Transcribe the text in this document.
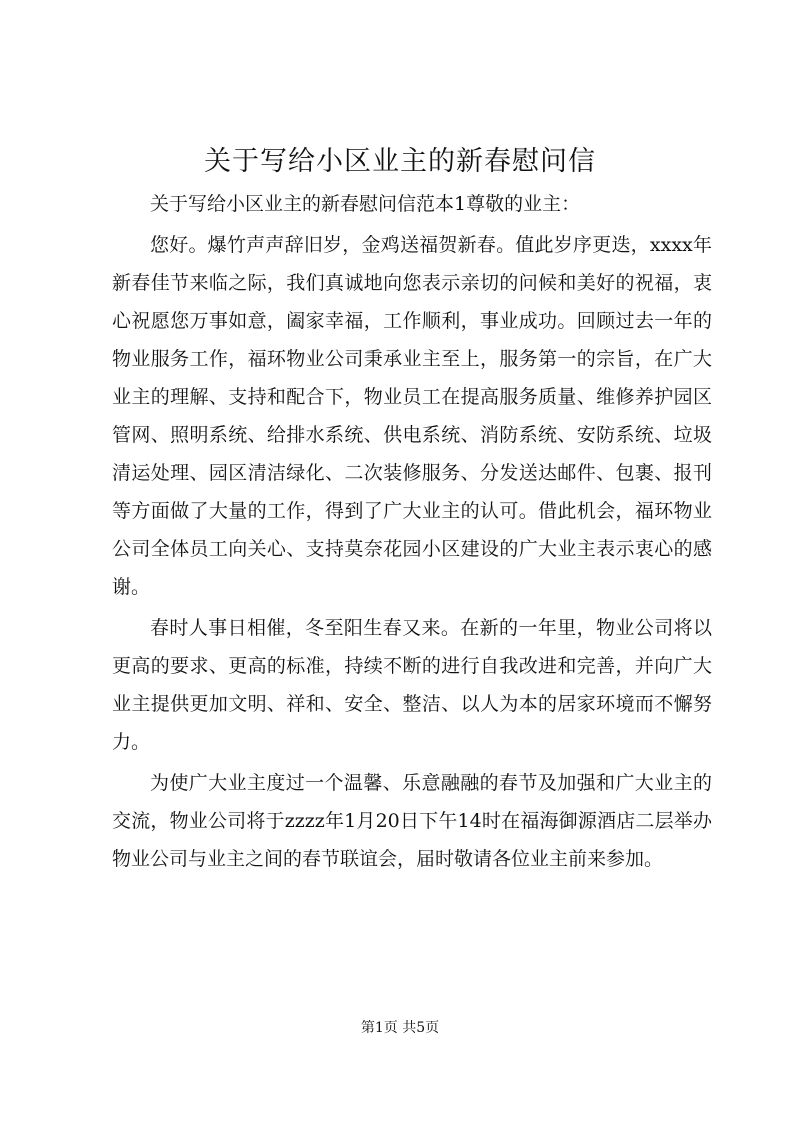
关于写给小区业主的新春慰问信

关于写给小区业主的新春慰问信范本1尊敬的业主：

您好。爆竹声声辞旧岁，金鸡送福贺新春。值此岁序更迭，xxxx年新春佳节来临之际，我们真诚地向您表示亲切的问候和美好的祝福，衷心祝愿您万事如意，阖家幸福，工作顺利，事业成功。回顾过去一年的物业服务工作，福环物业公司秉承业主至上，服务第一的宗旨，在广大业主的理解、支持和配合下，物业员工在提高服务质量、维修养护园区管网、照明系统、给排水系统、供电系统、消防系统、安防系统、垃圾清运处理、园区清洁绿化、二次装修服务、分发送达邮件、包裹、报刊等方面做了大量的工作，得到了广大业主的认可。借此机会，福环物业公司全体员工向关心、支持莫奈花园小区建设的广大业主表示衷心的感谢。

春时人事日相催，冬至阳生春又来。在新的一年里，物业公司将以更高的要求、更高的标准，持续不断的进行自我改进和完善，并向广大业主提供更加文明、祥和、安全、整洁、以人为本的居家环境而不懈努力。

为使广大业主度过一个温馨、乐意融融的春节及加强和广大业主的交流，物业公司将于zzzz年1月20日下午14时在福海御源酒店二层举办物业公司与业主之间的春节联谊会，届时敬请各位业主前来参加。

第1页 共5页
